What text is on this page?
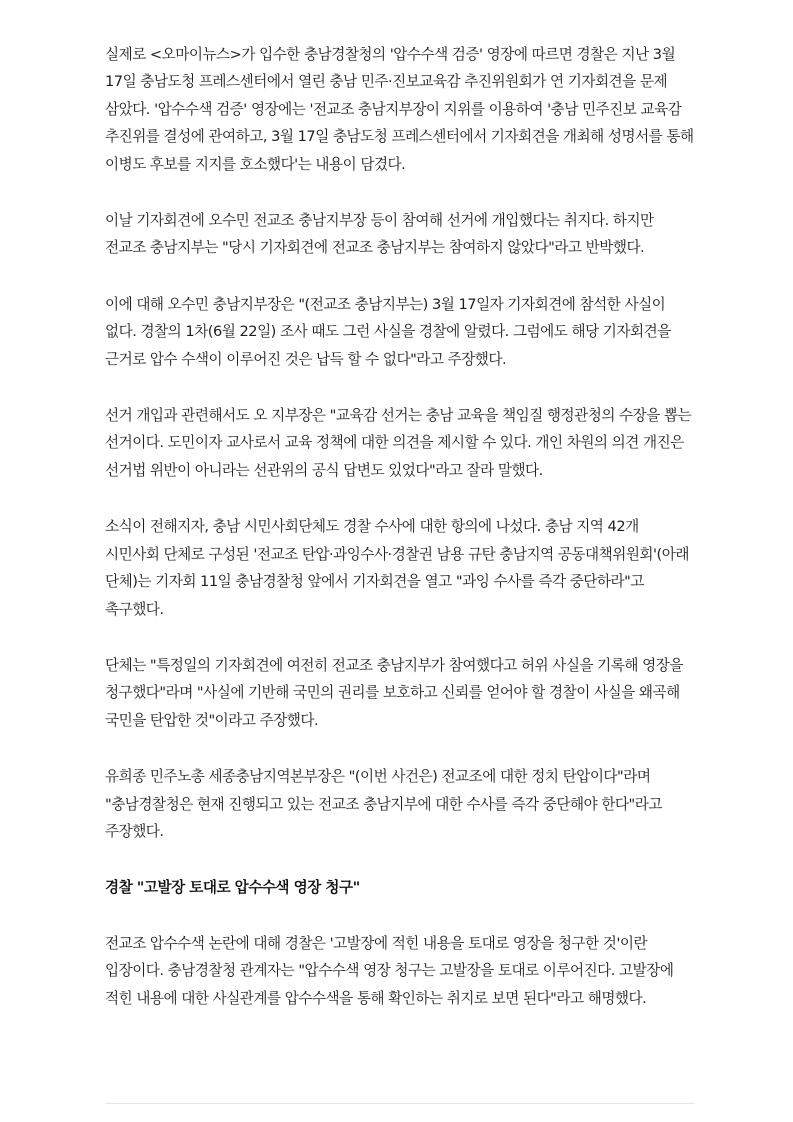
실제로 <오마이뉴스>가 입수한 충남경찰청의 '압수수색 검증' 영장에 따르면 경찰은 지난 3월 17일 충남도청 프레스센터에서 열린 충남 민주·진보교육감 추진위원회가 연 기자회견을 문제 삼았다. '압수수색 검증' 영장에는 '전교조 충남지부장이 지위를 이용하여 '충남 민주진보 교육감 추진위를 결성에 관여하고, 3월 17일 충남도청 프레스센터에서 기자회견을 개최해 성명서를 통해 이병도 후보를 지지를 호소했다'는 내용이 담겼다.

이날 기자회견에 오수민 전교조 충남지부장 등이 참여해 선거에 개입했다는 취지다. 하지만 전교조 충남지부는 "당시 기자회견에 전교조 충남지부는 참여하지 않았다"라고 반박했다.

이에 대해 오수민 충남지부장은 "(전교조 충남지부는) 3월 17일자 기자회견에 참석한 사실이 없다. 경찰의 1차(6월 22일) 조사 때도 그런 사실을 경찰에 알렸다. 그럼에도 해당 기자회견을 근거로 압수 수색이 이루어진 것은 납득 할 수 없다"라고 주장했다.

선거 개입과 관련해서도 오 지부장은 "교육감 선거는 충남 교육을 책임질 행정관청의 수장을 뽑는 선거이다. 도민이자 교사로서 교육 정책에 대한 의견을 제시할 수 있다. 개인 차원의 의견 개진은 선거법 위반이 아니라는 선관위의 공식 답변도 있었다"라고 잘라 말했다.

소식이 전해지자, 충남 시민사회단체도 경찰 수사에 대한 항의에 나섰다. 충남 지역 42개 시민사회 단체로 구성된 '전교조 탄압·과잉수사·경찰권 남용 규탄 충남지역 공동대책위원회'(아래 단체)는 기자회 11일 충남경찰청 앞에서 기자회견을 열고 "과잉 수사를 즉각 중단하라"고 촉구했다.

단체는 "특정일의 기자회견에 여전히 전교조 충남지부가 참여했다고 허위 사실을 기록해 영장을 청구했다"라며 "사실에 기반해 국민의 권리를 보호하고 신뢰를 얻어야 할 경찰이 사실을 왜곡해 국민을 탄압한 것"이라고 주장했다.

유희종 민주노총 세종충남지역본부장은 "(이번 사건은) 전교조에 대한 정치 탄압이다"라며 "충남경찰청은 현재 진행되고 있는 전교조 충남지부에 대한 수사를 즉각 중단해야 한다"라고 주장했다.

경찰 "고발장 토대로 압수수색 영장 청구"

전교조 압수수색 논란에 대해 경찰은 '고발장에 적힌 내용을 토대로 영장을 청구한 것'이란 입장이다. 충남경찰청 관계자는 "압수수색 영장 청구는 고발장을 토대로 이루어진다. 고발장에 적힌 내용에 대한 사실관계를 압수수색을 통해 확인하는 취지로 보면 된다"라고 해명했다.
